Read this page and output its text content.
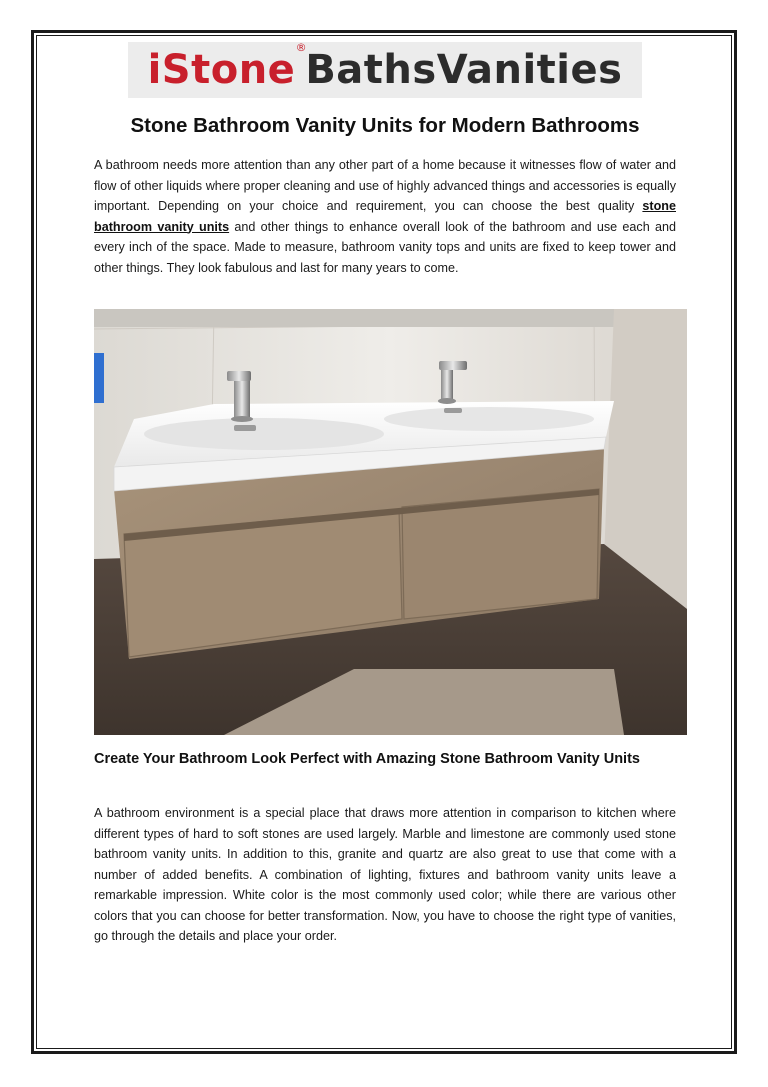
iStone ®
BathsVanities
Stone Bathroom Vanity Units for Modern Bathrooms

A bathroom needs more attention than any other part of a home because it witnesses flow of water and flow of other liquids where proper cleaning and use of highly advanced things and accessories is equally important. Depending on your choice and requirement, you can choose the best quality stone bathroom vanity units and other things to enhance overall look of the bathroom and use each and every inch of the space. Made to measure, bathroom vanity tops and units are fixed to keep tower and other things. They look fabulous and last for many years to come.

Create Your Bathroom Look Perfect with Amazing Stone Bathroom Vanity Units

A bathroom environment is a special place that draws more attention in comparison to kitchen where different types of hard to soft stones are used largely. Marble and limestone are commonly used stone bathroom vanity units. In addition to this, granite and quartz are also great to use that come with a number of added benefits. A combination of lighting, fixtures and bathroom vanity units leave a remarkable impression. White color is the most commonly used color; while there are various other colors that you can choose for better transformation. Now, you have to choose the right type of vanities, go through the details and place your order.
